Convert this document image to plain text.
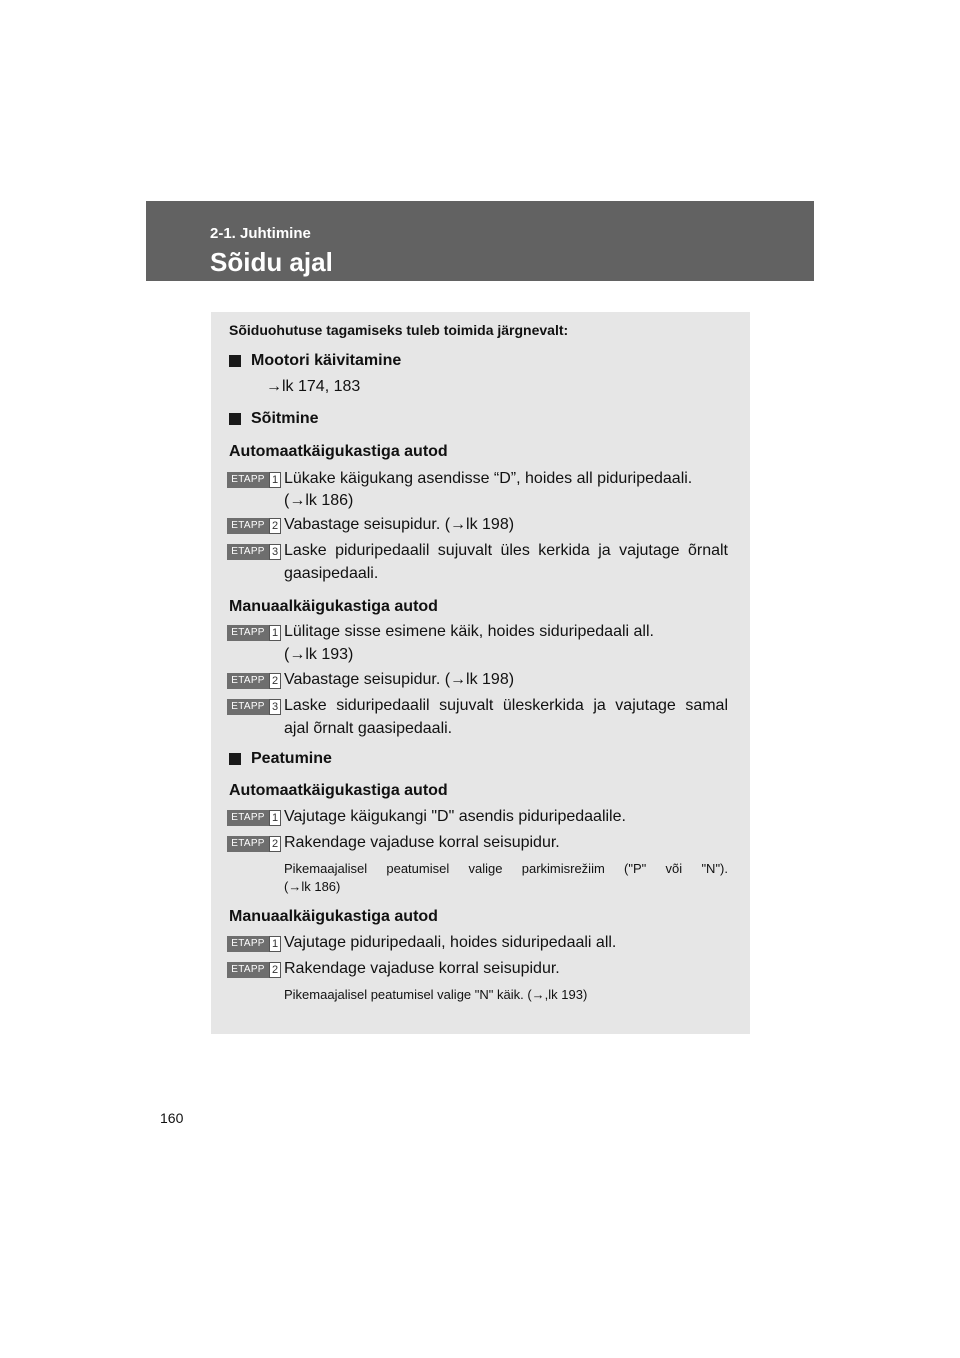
2-1. Juhtimine
Sõidu ajal
Sõiduohutuse tagamiseks tuleb toimida järgnevalt:
Mootori käivitamine
→lk 174, 183
Sõitmine
Automaatkäigukastiga autod
ETAPP 1 Lükake käigukang asendisse “D”, hoides all piduripedaali.
(→lk 186)
ETAPP 2 Vabastage seisupidur. (→lk 198)
ETAPP 3 Laske piduripedaalil sujuvalt üles kerkida ja vajutage õrnalt
gaasipedaali.
Manuaalkäigukastiga autod
ETAPP 1 Lülitage sisse esimene käik, hoides siduripedaali all.
(→lk 193)
ETAPP 2 Vabastage seisupidur. (→lk 198)
ETAPP 3 Laske siduripedaalil sujuvalt üleskerkida ja vajutage samal
ajal õrnalt gaasipedaali.
Peatumine
Automaatkäigukastiga autod
ETAPP 1 Vajutage käigukangi "D" asendis piduripedaalile.
ETAPP 2 Rakendage vajaduse korral seisupidur.
Pikemaajalisel peatumisel valige parkimisrežiim ("P" või "N").
(→lk 186)
Manuaalkäigukastiga autod
ETAPP 1 Vajutage piduripedaali, hoides siduripedaali all.
ETAPP 2 Rakendage vajaduse korral seisupidur.
Pikemaajalisel peatumisel valige "N" käik. (→,lk 193)
160
